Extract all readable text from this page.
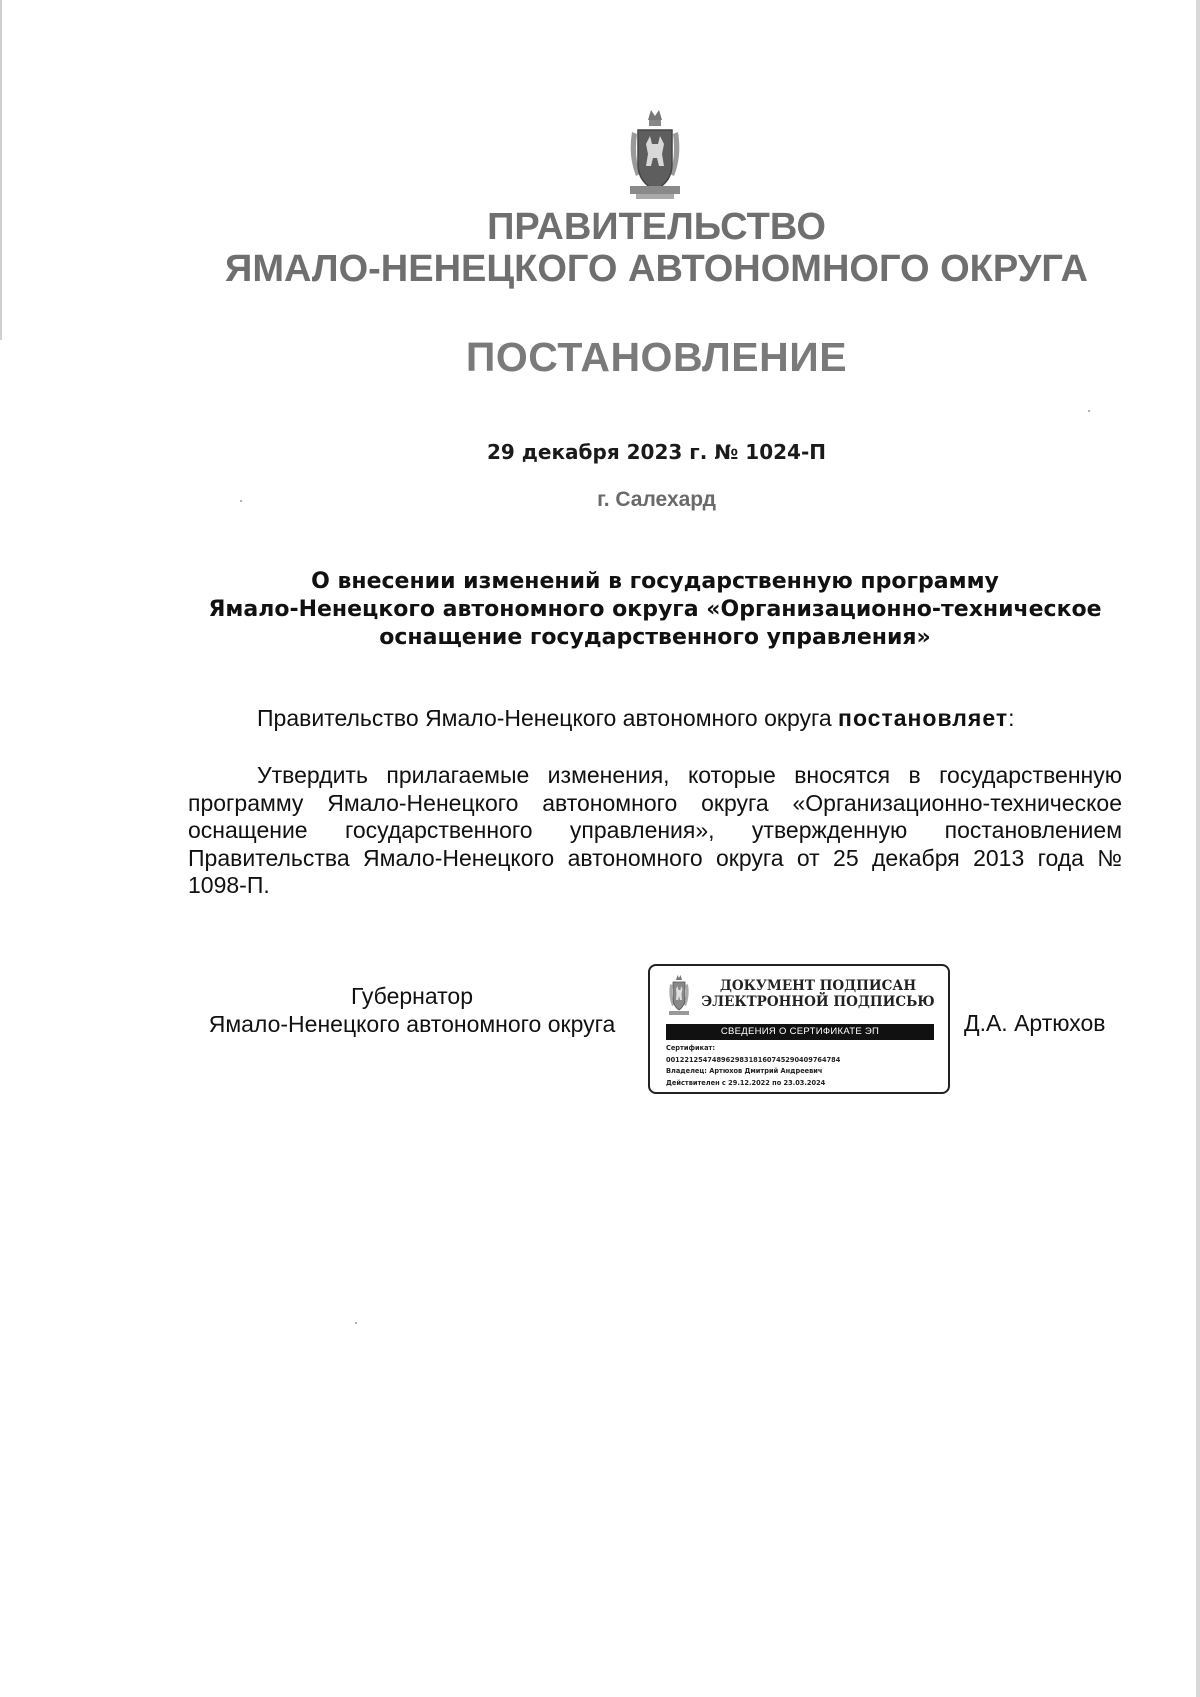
ПРАВИТЕЛЬСТВО
ЯМАЛО-НЕНЕЦКОГО АВТОНОМНОГО ОКРУГА
ПОСТАНОВЛЕНИЕ
29 декабря 2023 г. № 1024-П
г. Салехард
О внесении изменений в государственную программу
Ямало-Ненецкого автономного округа «Организационно-техническое
оснащение государственного управления»
Правительство Ямало-Ненецкого автономного округа постановляет:
Утвердить прилагаемые изменения, которые вносятся в государственную программу Ямало-Ненецкого автономного округа «Организационно-техническое оснащение государственного управления», утвержденную постановлением Правительства Ямало-Ненецкого автономного округа от 25 декабря 2013 года № 1098-П.
Губернатор
Ямало-Ненецкого автономного округа
ДОКУМЕНТ ПОДПИСАН
ЭЛЕКТРОННОЙ ПОДПИСЬЮ
СВЕДЕНИЯ О СЕРТИФИКАТЕ ЭП
Сертификат:
00122125474896298318160745290409764784
Владелец: Артюхов Дмитрий Андреевич
Действителен с 29.12.2022 по 23.03.2024
Д.А. Артюхов
